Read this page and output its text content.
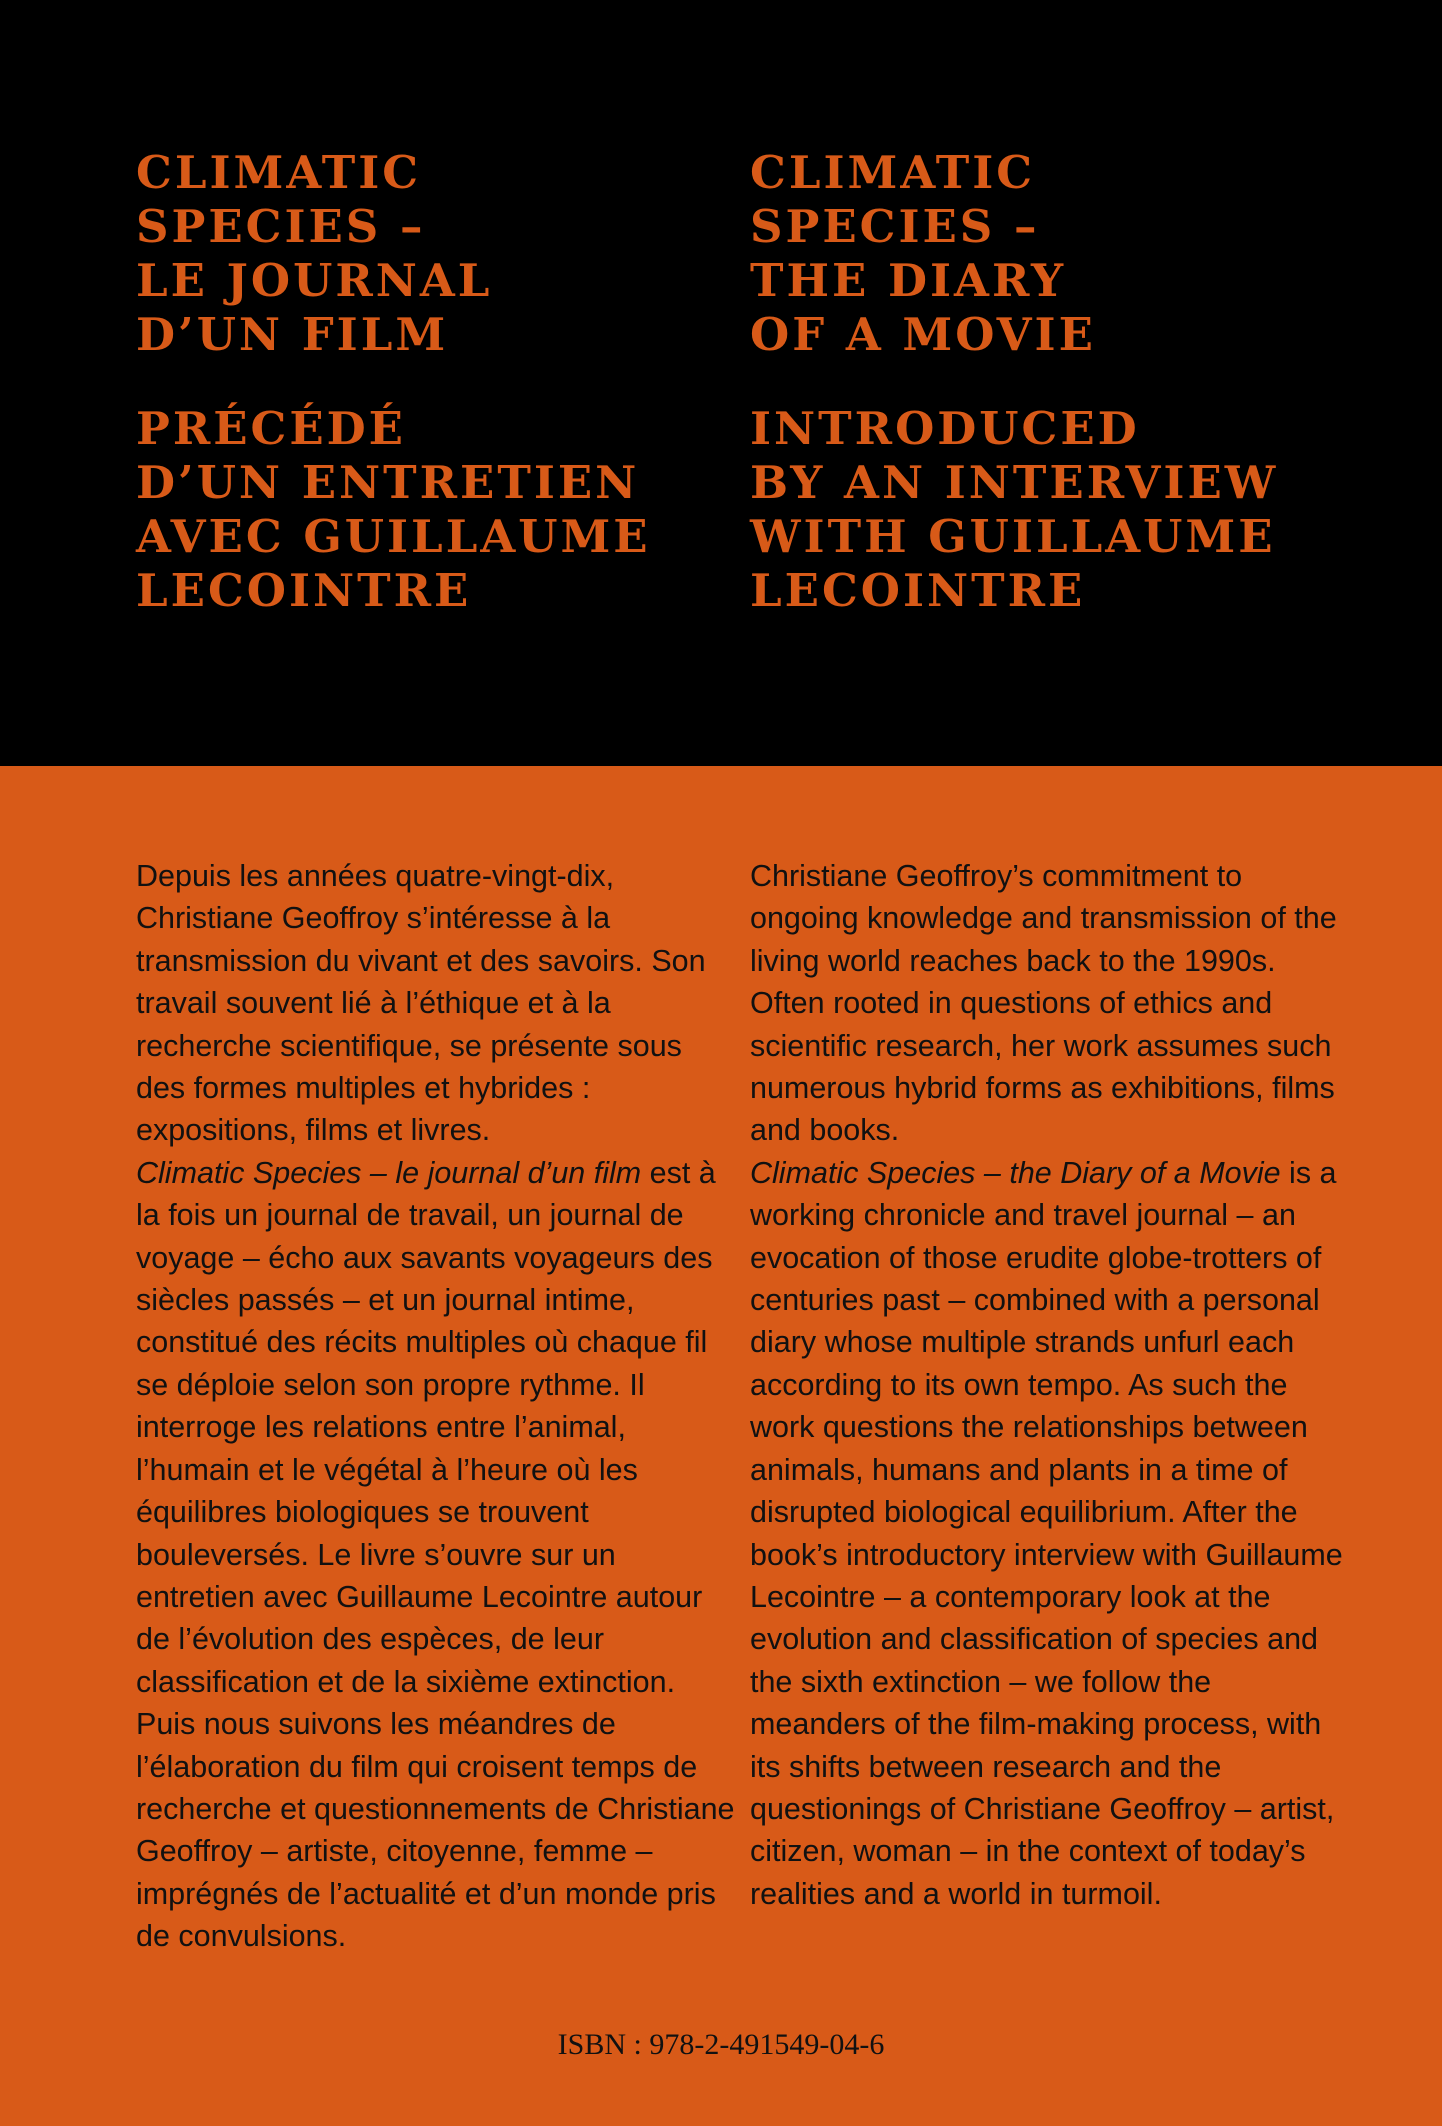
CLIMATIC

SPECIES –

LE JOURNAL

D’UN FILM

PRÉCÉDÉ

D’UN ENTRETIEN

AVEC GUILLAUME

LECOINTRE

CLIMATIC

SPECIES –

THE DIARY

OF A MOVIE

INTRODUCED

BY AN INTERVIEW

WITH GUILLAUME

LECOINTRE

Depuis les années quatre-vingt-dix, Christiane Geoffroy s’intéresse à la transmission du vivant et des savoirs. Son travail souvent lié à l’éthique et à la recherche scientifique, se présente sous des formes multiples et hybrides : expositions, films et livres.

Climatic Species – le journal d’un film est à la fois un journal de travail, un journal de voyage – écho aux savants voyageurs des siècles passés – et un journal intime, constitué des récits multiples où chaque fil se déploie selon son propre rythme. Il interroge les relations entre l’animal, l’humain et le végétal à l’heure où les équilibres biologiques se trouvent bouleversés. Le livre s’ouvre sur un entretien avec Guillaume Lecointre autour de l’évolution des espèces, de leur classification et de la sixième extinction. Puis nous suivons les méandres de l’élaboration du film qui croisent temps de recherche et questionnements de Christiane Geoffroy – artiste, citoyenne, femme – imprégnés de l’actualité et d’un monde pris de convulsions.

Christiane Geoffroy’s commitment to ongoing knowledge and transmission of the living world reaches back to the 1990s. Often rooted in questions of ethics and scientific research, her work assumes such numerous hybrid forms as exhibitions, films and books.

Climatic Species – the Diary of a Movie is a working chronicle and travel journal – an evocation of those erudite globe-trotters of centuries past – combined with a personal diary whose multiple strands unfurl each according to its own tempo. As such the work questions the relationships between animals, humans and plants in a time of disrupted biological equilibrium. After the book’s introductory interview with Guillaume Lecointre – a contemporary look at the evolution and classification of species and the sixth extinction – we follow the meanders of the film-making process, with its shifts between research and the questionings of Christiane Geoffroy – artist, citizen, woman – in the context of today’s realities and a world in turmoil.

ISBN : 978-2-491549-04-6
